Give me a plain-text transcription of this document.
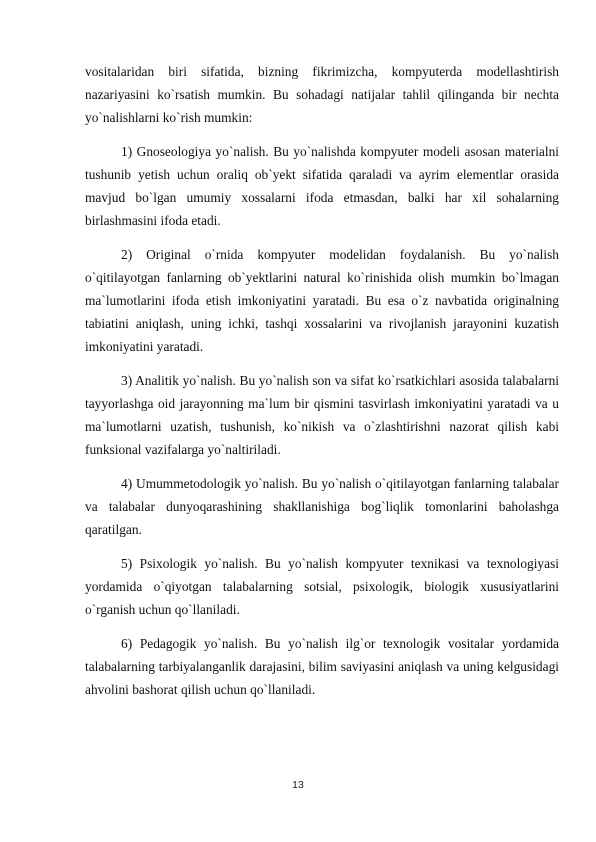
vositalaridan biri sifatida, bizning fikrimizcha, kompyuterda modellashtirish nazariyasini ko`rsatish mumkin. Bu sohadagi natijalar tahlil qilinganda bir nechta yo`nalishlarni ko`rish mumkin:

1) Gnoseologiya yo`nalish. Bu yo`nalishda kompyuter modeli asosan materialni tushunib yetish uchun oraliq ob`yekt sifatida qaraladi va ayrim elementlar orasida mavjud bo`lgan umumiy xossalarni ifoda etmasdan, balki har xil sohalarning birlashmasini ifoda etadi.

2) Original o`rnida kompyuter modelidan foydalanish. Bu yo`nalish o`qitilayotgan fanlarning ob`yektlarini natural ko`rinishida olish mumkin bo`lmagan ma`lumotlarini ifoda etish imkoniyatini yaratadi. Bu esa o`z navbatida originalning tabiatini aniqlash, uning ichki, tashqi xossalarini va rivojlanish jarayonini kuzatish imkoniyatini yaratadi.

3) Analitik yo`nalish. Bu yo`nalish son va sifat ko`rsatkichlari asosida talabalarni tayyorlashga oid jarayonning ma`lum bir qismini tasvirlash imkoniyatini yaratadi va u ma`lumotlarni uzatish, tushunish, ko`nikish va o`zlashtirishni nazorat qilish kabi funksional vazifalarga yo`naltiriladi.

4) Umummetodologik yo`nalish. Bu yo`nalish o`qitilayotgan fanlarning talabalar va talabalar dunyoqarashining shakllanishiga bog`liqlik tomonlarini baholashga qaratilgan.

5) Psixologik yo`nalish. Bu yo`nalish kompyuter texnikasi va texnologiyasi yordamida o`qiyotgan talabalarning sotsial, psixologik, biologik xususiyatlarini o`rganish uchun qo`llaniladi.

6) Pedagogik yo`nalish. Bu yo`nalish ilg`or texnologik vositalar yordamida talabalarning tarbiyalanganlik darajasini, bilim saviyasini aniqlash va uning kelgusidagi ahvolini bashorat qilish uchun qo`llaniladi.

13
